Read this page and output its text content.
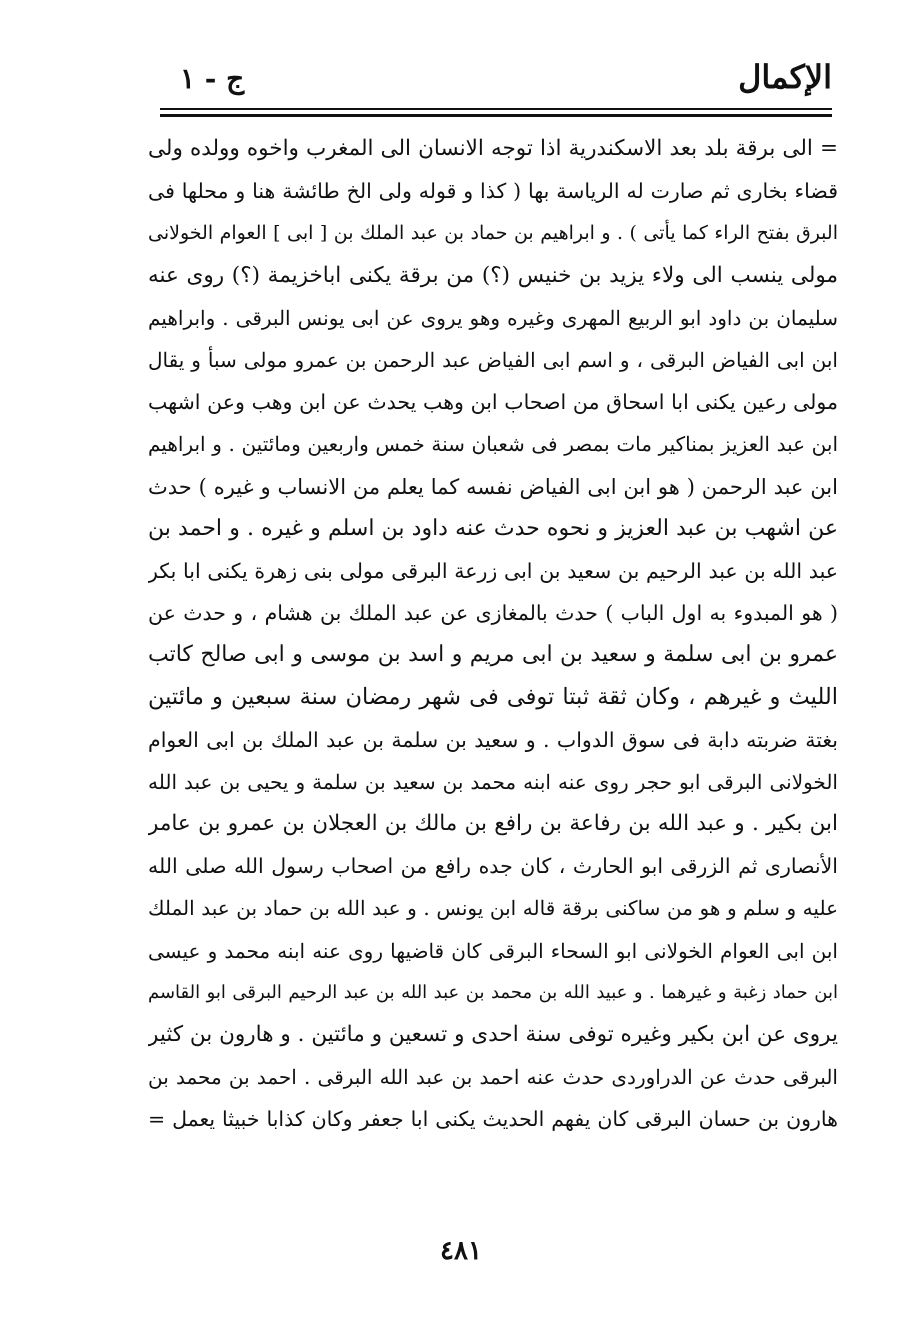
الإكمال
ج - ١
= الى برقة بلد بعد الاسكندرية اذا توجه الانسان الى المغرب واخوه وولده ولى
قضاء بخارى ثم صارت له الرياسة بها ( كذا و قوله ولى الخ طائشة هنا و محلها فى
البرق بفتح الراء كما يأتى ) . و ابراهيم بن حماد بن عبد الملك بن [ ابى ] العوام الخولانى
مولى ينسب الى ولاء يزيد بن خنيس (؟) من برقة يكنى اباخزيمة (؟) روى عنه
سليمان بن داود ابو الربيع المهرى وغيره وهو يروى عن ابى يونس البرقى . وابراهيم
ابن ابى الفياض البرقى ، و اسم ابى الفياض عبد الرحمن بن عمرو مولى سبأ و يقال
مولى رعين يكنى ابا اسحاق من اصحاب ابن وهب يحدث عن ابن وهب وعن اشهب
ابن عبد العزيز بمناكير مات بمصر فى شعبان سنة خمس واربعين ومائتين . و ابراهيم
ابن عبد الرحمن ( هو ابن ابى الفياض نفسه كما يعلم من الانساب و غيره ) حدث
عن اشهب بن عبد العزيز و نحوه حدث عنه داود بن اسلم و غيره . و احمد بن
عبد الله بن عبد الرحيم بن سعيد بن ابى زرعة البرقى مولى بنى زهرة يكنى ابا بكر
( هو المبدوء به اول الباب ) حدث بالمغازى عن عبد الملك بن هشام ، و حدث عن
عمرو بن ابى سلمة و سعيد بن ابى مريم و اسد بن موسى و ابى صالح كاتب
الليث و غيرهم ، وكان ثقة ثبتا توفى فى شهر رمضان سنة سبعين و مائتين
بغتة ضربته دابة فى سوق الدواب . و سعيد بن سلمة بن عبد الملك بن ابى العوام
الخولانى البرقى ابو حجر روى عنه ابنه محمد بن سعيد بن سلمة و يحيى بن عبد الله
ابن بكير . و عبد الله بن رفاعة بن رافع بن مالك بن العجلان بن عمرو بن عامر
الأنصارى ثم الزرقى ابو الحارث ، كان جده رافع من اصحاب رسول الله صلى الله
عليه و سلم و هو من ساكنى برقة قاله ابن يونس . و عبد الله بن حماد بن عبد الملك
ابن ابى العوام الخولانى ابو السحاء البرقى كان قاضيها روى عنه ابنه محمد و عيسى
ابن حماد زغبة و غيرهما . و عبيد الله بن محمد بن عبد الله بن عبد الرحيم البرقى ابو القاسم
يروى عن ابن بكير وغيره توفى سنة احدى و تسعين و مائتين . و هارون بن كثير
البرقى حدث عن الدراوردى حدث عنه احمد بن عبد الله البرقى . احمد بن محمد بن
هارون بن حسان البرقى كان يفهم الحديث يكنى ابا جعفر وكان كذابا خبيثا يعمل =
٤٨١
